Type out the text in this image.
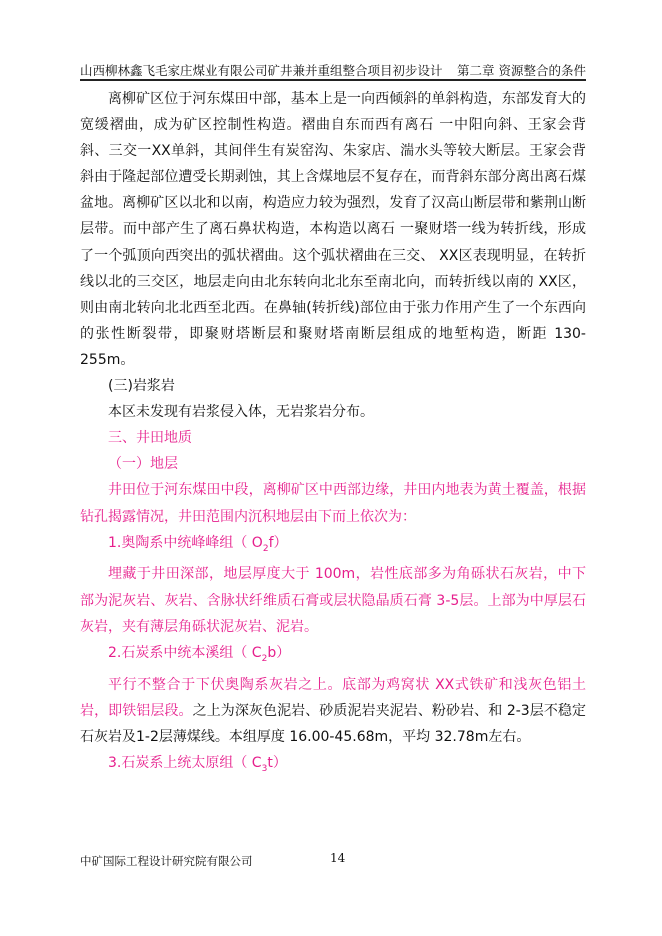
山西柳林鑫飞毛家庄煤业有限公司矿井兼并重组整合项目初步设计 第二章 资源整合的条件

离柳矿区位于河东煤田中部，基本上是一向西倾斜的单斜构造，东部发育大的宽缓褶曲，成为矿区控制性构造。褶曲自东而西有离石 一中阳向斜、王家会背斜、三交一XX单斜，其间伴生有炭窑沟、朱家店、湍水头等较大断层。王家会背斜由于隆起部位遭受长期剥蚀，其上含煤地层不复存在，而背斜东部分离出离石煤盆地。离柳矿区以北和以南，构造应力较为强烈，发育了汉高山断层带和紫荆山断层带。而中部产生了离石鼻状构造，本构造以离石 一聚财塔一线为转折线，形成了一个弧顶向西突出的弧状褶曲。这个弧状褶曲在三交、 XX区表现明显，在转折线以北的三交区，地层走向由北东转向北北东至南北向，而转折线以南的 XX区，则由南北转向北北西至北西。在鼻轴(转折线)部位由于张力作用产生了一个东西向的张性断裂带，即聚财塔断层和聚财塔南断层组成的地堑构造，断距 130-255m。

(三)岩浆岩

本区未发现有岩浆侵入体，无岩浆岩分布。

三、井田地质

（一）地层

井田位于河东煤田中段，离柳矿区中西部边缘，井田内地表为黄土覆盖，根据钻孔揭露情况，井田范围内沉积地层由下而上依次为：

1.奥陶系中统峰峰组（ $O_2f$）

埋藏于井田深部，地层厚度大于 100m，岩性底部多为角砾状石灰岩，中下部为泥灰岩、灰岩、含脉状纤维质石膏或层状隐晶质石膏 3-5层。上部为中厚层石灰岩，夹有薄层角砾状泥灰岩、泥岩。

2.石炭系中统本溪组（ $C_2b$）

平行不整合于下伏奥陶系灰岩之上。底部为鸡窝状 XX式铁矿和浅灰色铝土岩，即铁铝层段。之上为深灰色泥岩、砂质泥岩夹泥岩、粉砂岩、和 2-3层不稳定石灰岩及1-2层薄煤线。本组厚度 16.00-45.68m，平均 32.78m左右。

3.石炭系上统太原组（ $C_3t$）

中矿国际工程设计研究院有限公司	14
